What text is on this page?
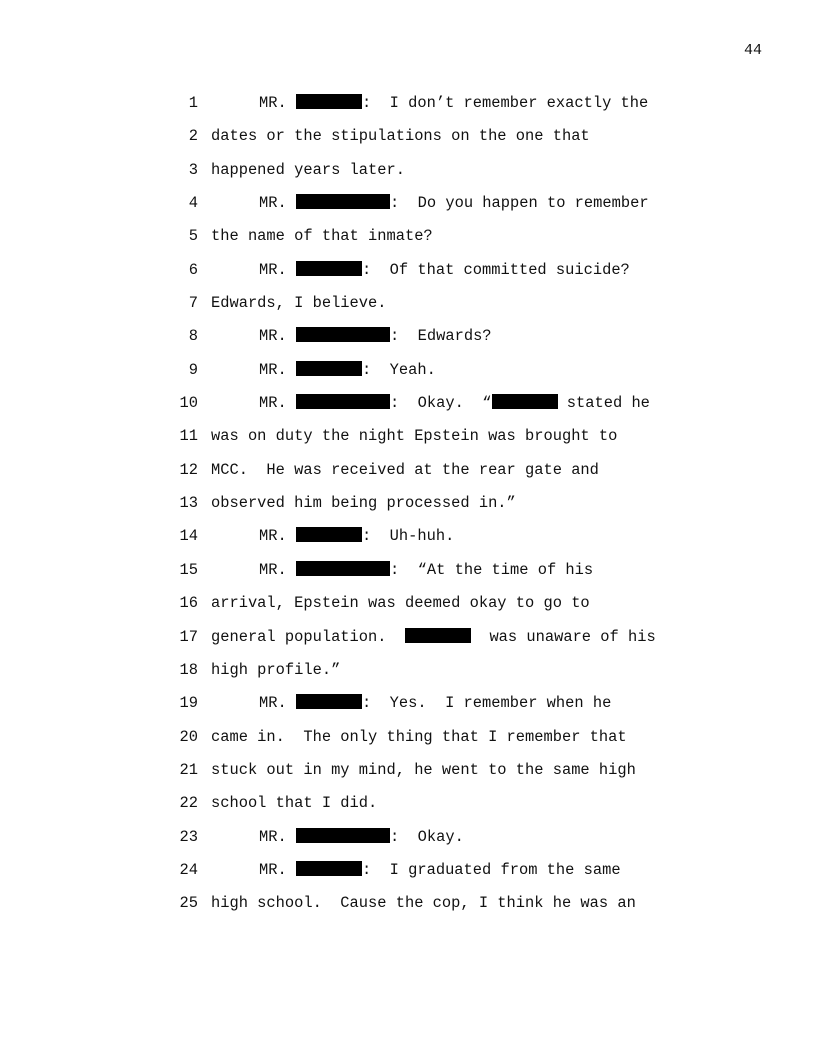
44
1	MR.	:  I don’t remember exactly the
2 dates or the stipulations on the one that
3 happened years later.
4	MR.	:  Do you happen to remember
5 the name of that inmate?
6	MR.	:  Of that committed suicide?
7 Edwards, I believe.
8	MR.	:  Edwards?
9	MR.	:  Yeah.
10	MR.	:  Okay.  “	stated he
11 was on duty the night Epstein was brought to
12 MCC.  He was received at the rear gate and
13 observed him being processed in.”
14	MR.	:  Uh-huh.
15	MR.	:  “At the time of his
16 arrival, Epstein was deemed okay to go to
17 general population.	was unaware of his
18 high profile.”
19	MR.	:  Yes.  I remember when he
20 came in.  The only thing that I remember that
21 stuck out in my mind, he went to the same high
22 school that I did.
23	MR.	:  Okay.
24	MR.	:  I graduated from the same
25 high school.  Cause the cop, I think he was an
